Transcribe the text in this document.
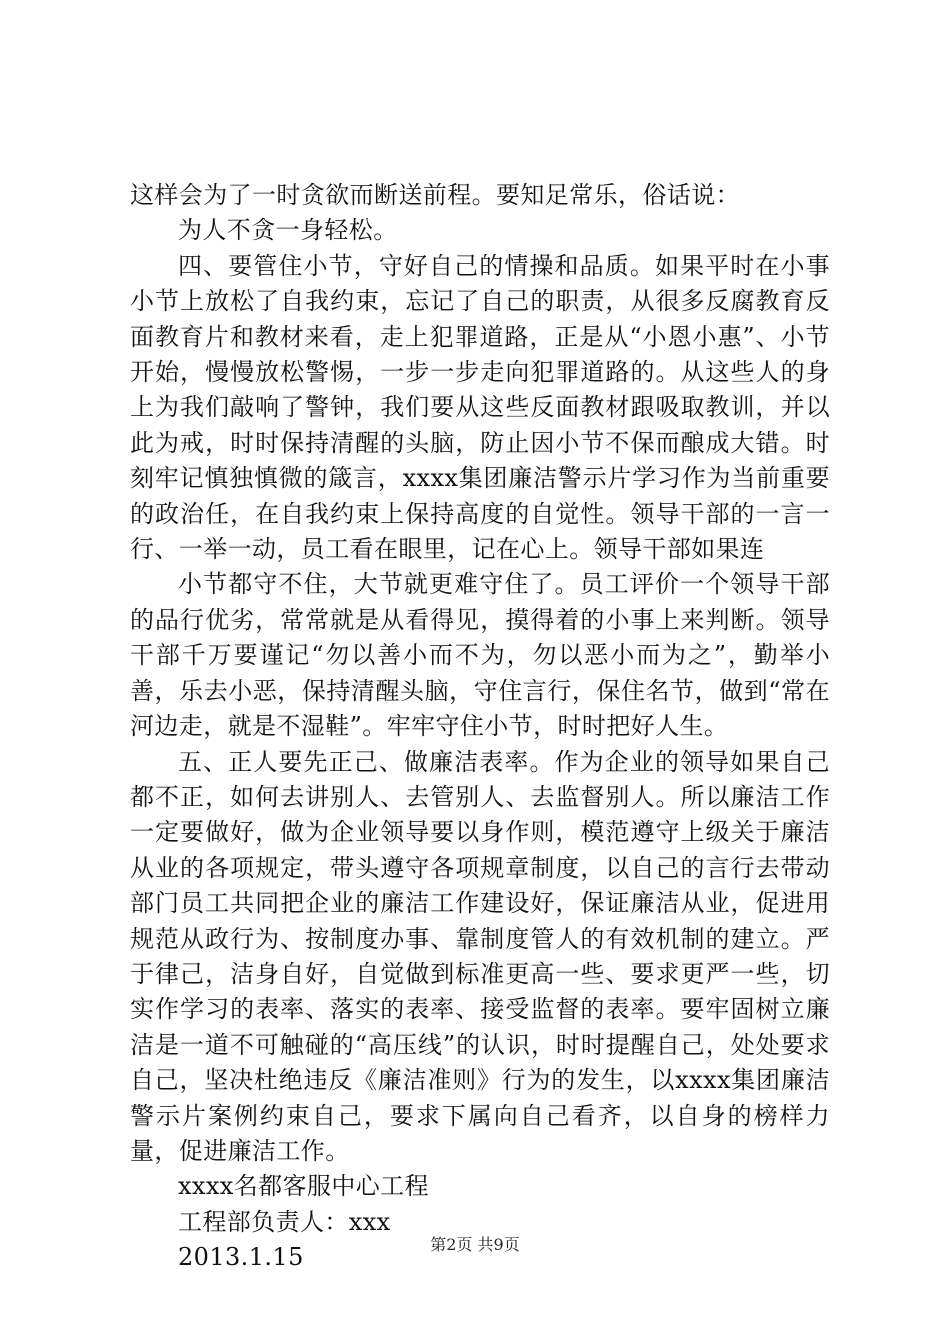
这样会为了一时贪欲而断送前程。要知足常乐，俗话说：

为人不贪一身轻松。

四、要管住小节，守好自己的情操和品质。如果平时在小事小节上放松了自我约束，忘记了自己的职责，从很多反腐教育反面教育片和教材来看，走上犯罪道路，正是从“小恩小惠”、小节开始，慢慢放松警惕，一步一步走向犯罪道路的。从这些人的身上为我们敲响了警钟，我们要从这些反面教材跟吸取教训，并以此为戒，时时保持清醒的头脑，防止因小节不保而酿成大错。时刻牢记慎独慎微的箴言，xxxx集团廉洁警示片学习作为当前重要的政治任，在自我约束上保持高度的自觉性。领导干部的一言一行、一举一动，员工看在眼里，记在心上。领导干部如果连

小节都守不住，大节就更难守住了。员工评价一个领导干部的品行优劣，常常就是从看得见，摸得着的小事上来判断。领导干部千万要谨记“勿以善小而不为，勿以恶小而为之”，勤举小善，乐去小恶，保持清醒头脑，守住言行，保住名节，做到“常在河边走，就是不湿鞋”。牢牢守住小节，时时把好人生。

五、正人要先正己、做廉洁表率。作为企业的领导如果自己都不正，如何去讲别人、去管别人、去监督别人。所以廉洁工作一定要做好，做为企业领导要以身作则，模范遵守上级关于廉洁从业的各项规定，带头遵守各项规章制度，以自己的言行去带动部门员工共同把企业的廉洁工作建设好，保证廉洁从业，促进用规范从政行为、按制度办事、靠制度管人的有效机制的建立。严于律己，洁身自好，自觉做到标准更高一些、要求更严一些，切实作学习的表率、落实的表率、接受监督的表率。要牢固树立廉洁是一道不可触碰的“高压线”的认识，时时提醒自己，处处要求自己，坚决杜绝违反《廉洁准则》行为的发生，以xxxx集团廉洁警示片案例约束自己，要求下属向自己看齐，以自身的榜样力量，促进廉洁工作。

xxxx名都客服中心工程

工程部负责人：xxx

2013.1.15	第2页 共9页
